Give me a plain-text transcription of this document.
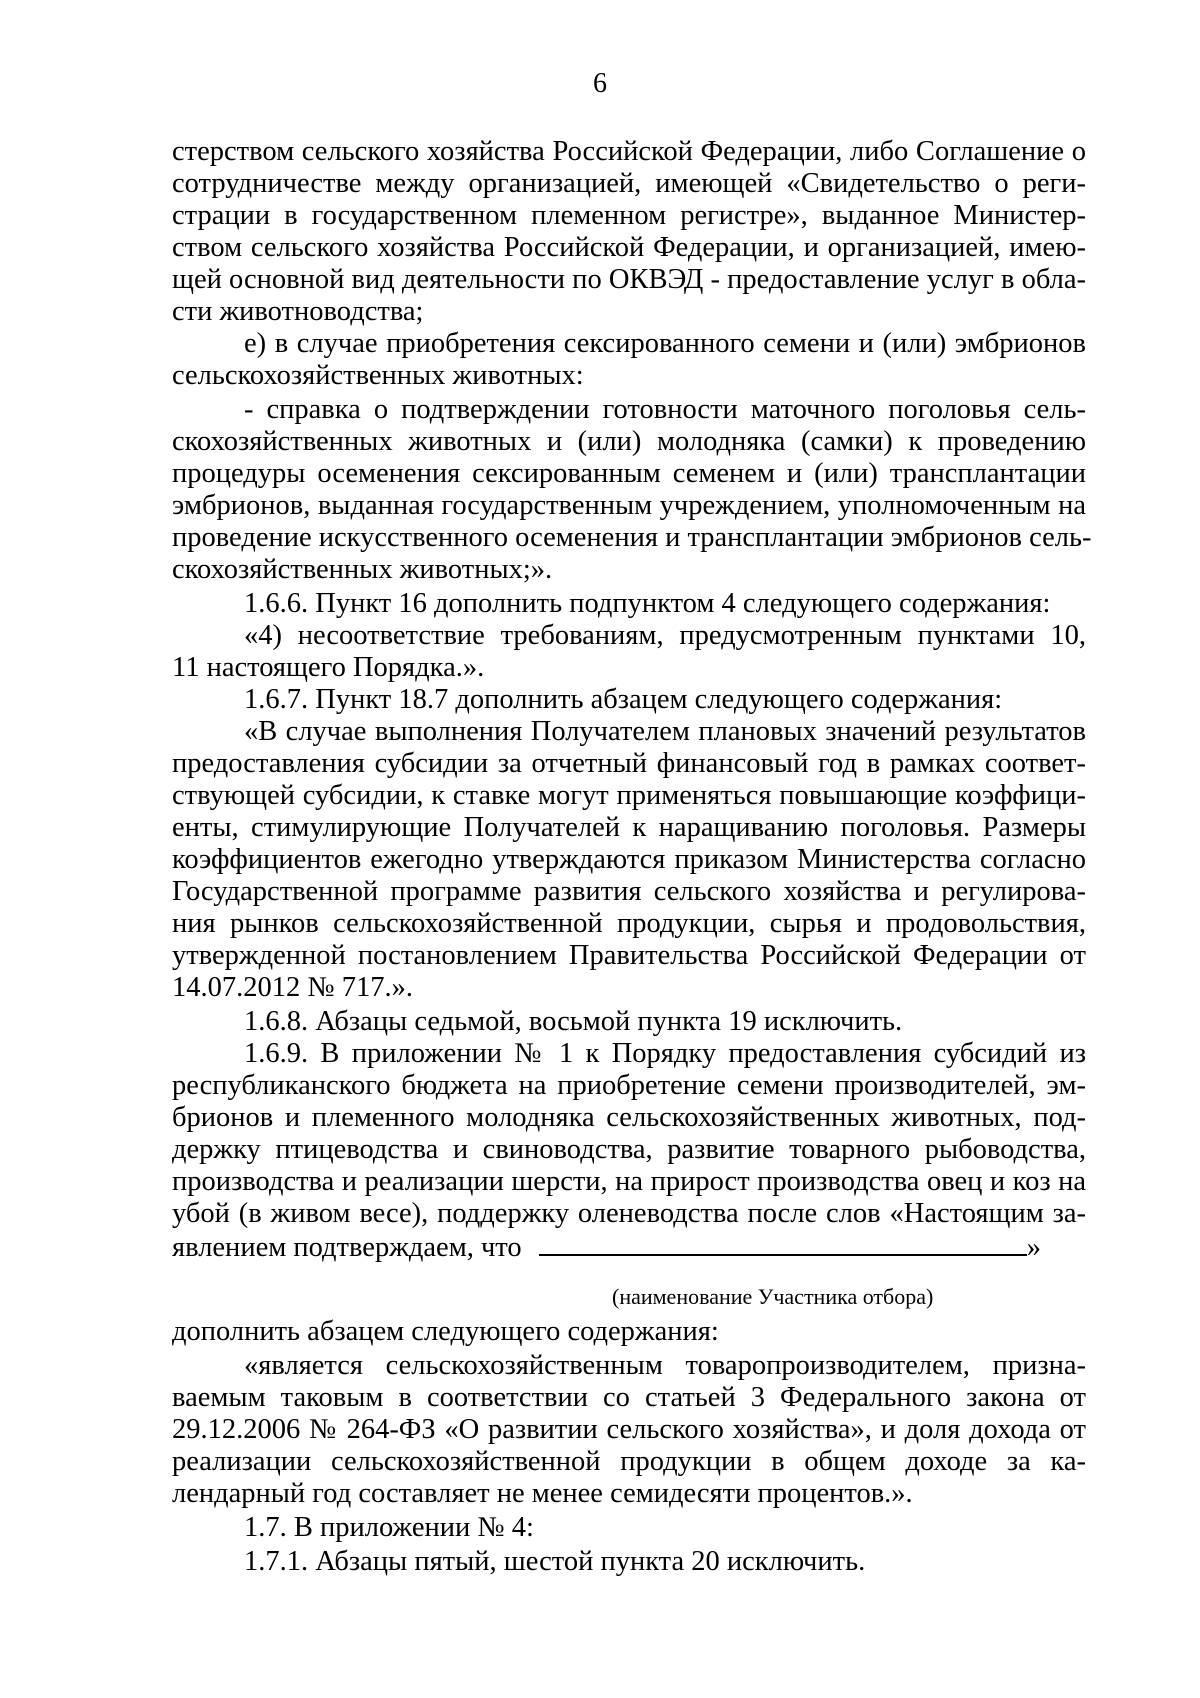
6
стерством сельского хозяйства Российской Федерации, либо Соглашение о
сотрудничестве между организацией, имеющей «Свидетельство о реги-
страции в государственном племенном регистре», выданное Министер-
ством сельского хозяйства Российской Федерации, и организацией, имею-
щей основной вид деятельности по ОКВЭД - предоставление услуг в обла-
сти животноводства;
е) в случае приобретения сексированного семени и (или) эмбрионов
сельскохозяйственных животных:
- справка о подтверждении готовности маточного поголовья сель-
скохозяйственных животных и (или) молодняка (самки) к проведению
процедуры осеменения сексированным семенем и (или) трансплантации
эмбрионов, выданная государственным учреждением, уполномоченным на
проведение искусственного осеменения и трансплантации эмбрионов сель-
скохозяйственных животных;».
1.6.6. Пункт 16 дополнить подпунктом 4 следующего содержания:
«4) несоответствие требованиям, предусмотренным пунктами 10,
11 настоящего Порядка.».
1.6.7. Пункт 18.7 дополнить абзацем следующего содержания:
«В случае выполнения Получателем плановых значений результатов
предоставления субсидии за отчетный финансовый год в рамках соответ-
ствующей субсидии, к ставке могут применяться повышающие коэффици-
енты, стимулирующие Получателей к наращиванию поголовья. Размеры
коэффициентов ежегодно утверждаются приказом Министерства согласно
Государственной программе развития сельского хозяйства и регулирова-
ния рынков сельскохозяйственной продукции, сырья и продовольствия,
утвержденной постановлением Правительства Российской Федерации от
14.07.2012 № 717.».
1.6.8. Абзацы седьмой, восьмой пункта 19 исключить.
1.6.9. В приложении № 1 к Порядку предоставления субсидий из
республиканского бюджета на приобретение семени производителей, эм-
брионов и племенного молодняка сельскохозяйственных животных, под-
держку птицеводства и свиноводства, развитие товарного рыбоводства,
производства и реализации шерсти, на прирост производства овец и коз на
убой (в живом весе), поддержку оленеводства после слов «Настоящим за-
явлением подтверждаем, что	»
(наименование Участника отбора)
дополнить абзацем следующего содержания:
«является сельскохозяйственным товаропроизводителем, призна-
ваемым таковым в соответствии со статьей 3 Федерального закона от
29.12.2006 № 264-ФЗ «О развитии сельского хозяйства», и доля дохода от
реализации сельскохозяйственной продукции в общем доходе за ка-
лендарный год составляет не менее семидесяти процентов.».
1.7. В приложении № 4:
1.7.1. Абзацы пятый, шестой пункта 20 исключить.
